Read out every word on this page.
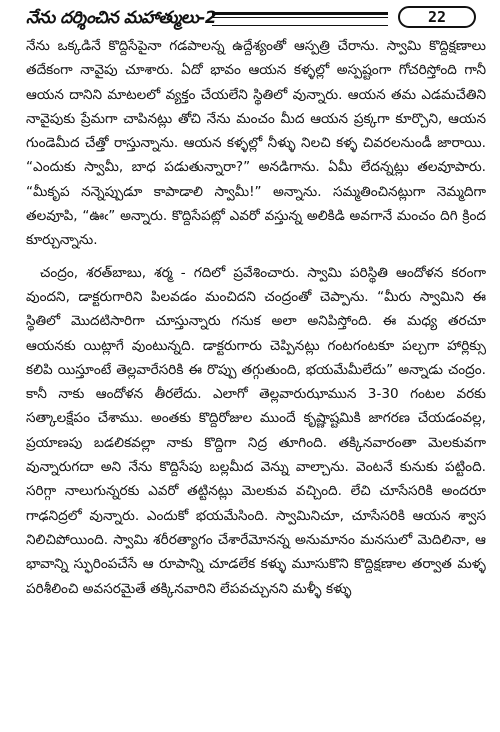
నేను దర్శించిన మహాత్ములు-2	22

నేను ఒక్కడినే కొద్దిసేపైనా గడపాలన్న ఉద్దేశ్యంతో ఆస్పత్రి చేరాను. స్వామి కొద్దిక్షణాలు తదేకంగా నావైపు చూశారు. ఏదో భావం ఆయన కళ్ళల్లో అస్పష్టంగా గోచరిస్తోంది గానీ ఆయన దానిని మాటలలో వ్యక్తం చేయలేని స్థితిలో వున్నారు. ఆయన తమ ఎడమచేతిని నావైపుకు ప్రేమగా చాపినట్లు తోచి నేను మంచం మీద ఆయన ప్రక్కగా కూర్చొని, ఆయన గుండెమీద చేత్తో రాస్తున్నాను. ఆయన కళ్ళల్లో నీళ్ళు నిలచి కళ్ళ చివరలనుండీ జారాయి. “ఎందుకు స్వామీ, బాధ పడుతున్నారా?” అనడిగాను. ఏమీ లేదన్నట్లు తలవూపారు. “మీకృప నన్నెప్పుడూ కాపాడాలి స్వామీ!” అన్నాను. సమ్మతించినట్లుగా నెమ్మదిగా తలవూపి, “ఊఁ” అన్నారు. కొద్దిసేపట్లో ఎవరో వస్తున్న అలికిడి అవగానే మంచం దిగి క్రింద కూర్చున్నాను.

చంద్రం, శరత్‌బాబు, శర్మ - గదిలో ప్రవేశించారు. స్వామి పరిస్థితి ఆందోళన కరంగా వుందని, డాక్టరుగారిని పిలవడం మంచిదని చంద్రంతో చెప్పాను. “మీరు స్వామిని ఈ స్థితిలో మొదటిసారిగా చూస్తున్నారు గనుక అలా అనిపిస్తోంది. ఈ మధ్య తరచూ ఆయనకు యిట్లాగే వుంటున్నది. డాక్టరుగారు చెప్పినట్లు గంటగంటకూ పల్చగా హార్లిక్సు కలిపి యిస్తూంటే తెల్లవారేసరికి ఈ రొప్పు తగ్గుతుంది, భయమేమీలేదు” అన్నాడు చంద్రం. కానీ నాకు ఆందోళన తీరలేదు. ఎలాగో తెల్లవారుఝామున 3-30 గంటల వరకు సత్కాలక్షేపం చేశాము. అంతకు కొద్దిరోజుల ముందే కృష్ణాష్టమికి జాగరణ చేయడంవల్ల, ప్రయాణపు బడలికవల్లా నాకు కొద్దిగా నిద్ర తూగింది. తక్కినవారంతా మెలకువగా వున్నారుగదా అని నేను కొద్దిసేపు బల్లమీద వెన్ను వాల్చాను. వెంటనే కునుకు పట్టింది. సరిగ్గా నాలుగున్నరకు ఎవరో తట్టినట్లు మెలకువ వచ్చింది. లేచి చూసేసరికి అందరూ గాఢనిద్రలో వున్నారు. ఎందుకో భయమేసింది. స్వామినిచూ, చూసేసరికి ఆయన శ్వాస నిలిచిపోయింది. స్వామి శరీరత్యాగం చేశారేమోనన్న అనుమానం మనసులో మెదిలినా, ఆ భావాన్ని స్ఫురింపచేసే ఆ రూపాన్ని చూడలేక కళ్ళు మూసుకొని కొద్దిక్షణాల తర్వాత మళ్ళ పరిశీలించి అవసరమైతే తక్కినవారిని లేపవచ్చునని మళ్ళీ కళ్ళు
